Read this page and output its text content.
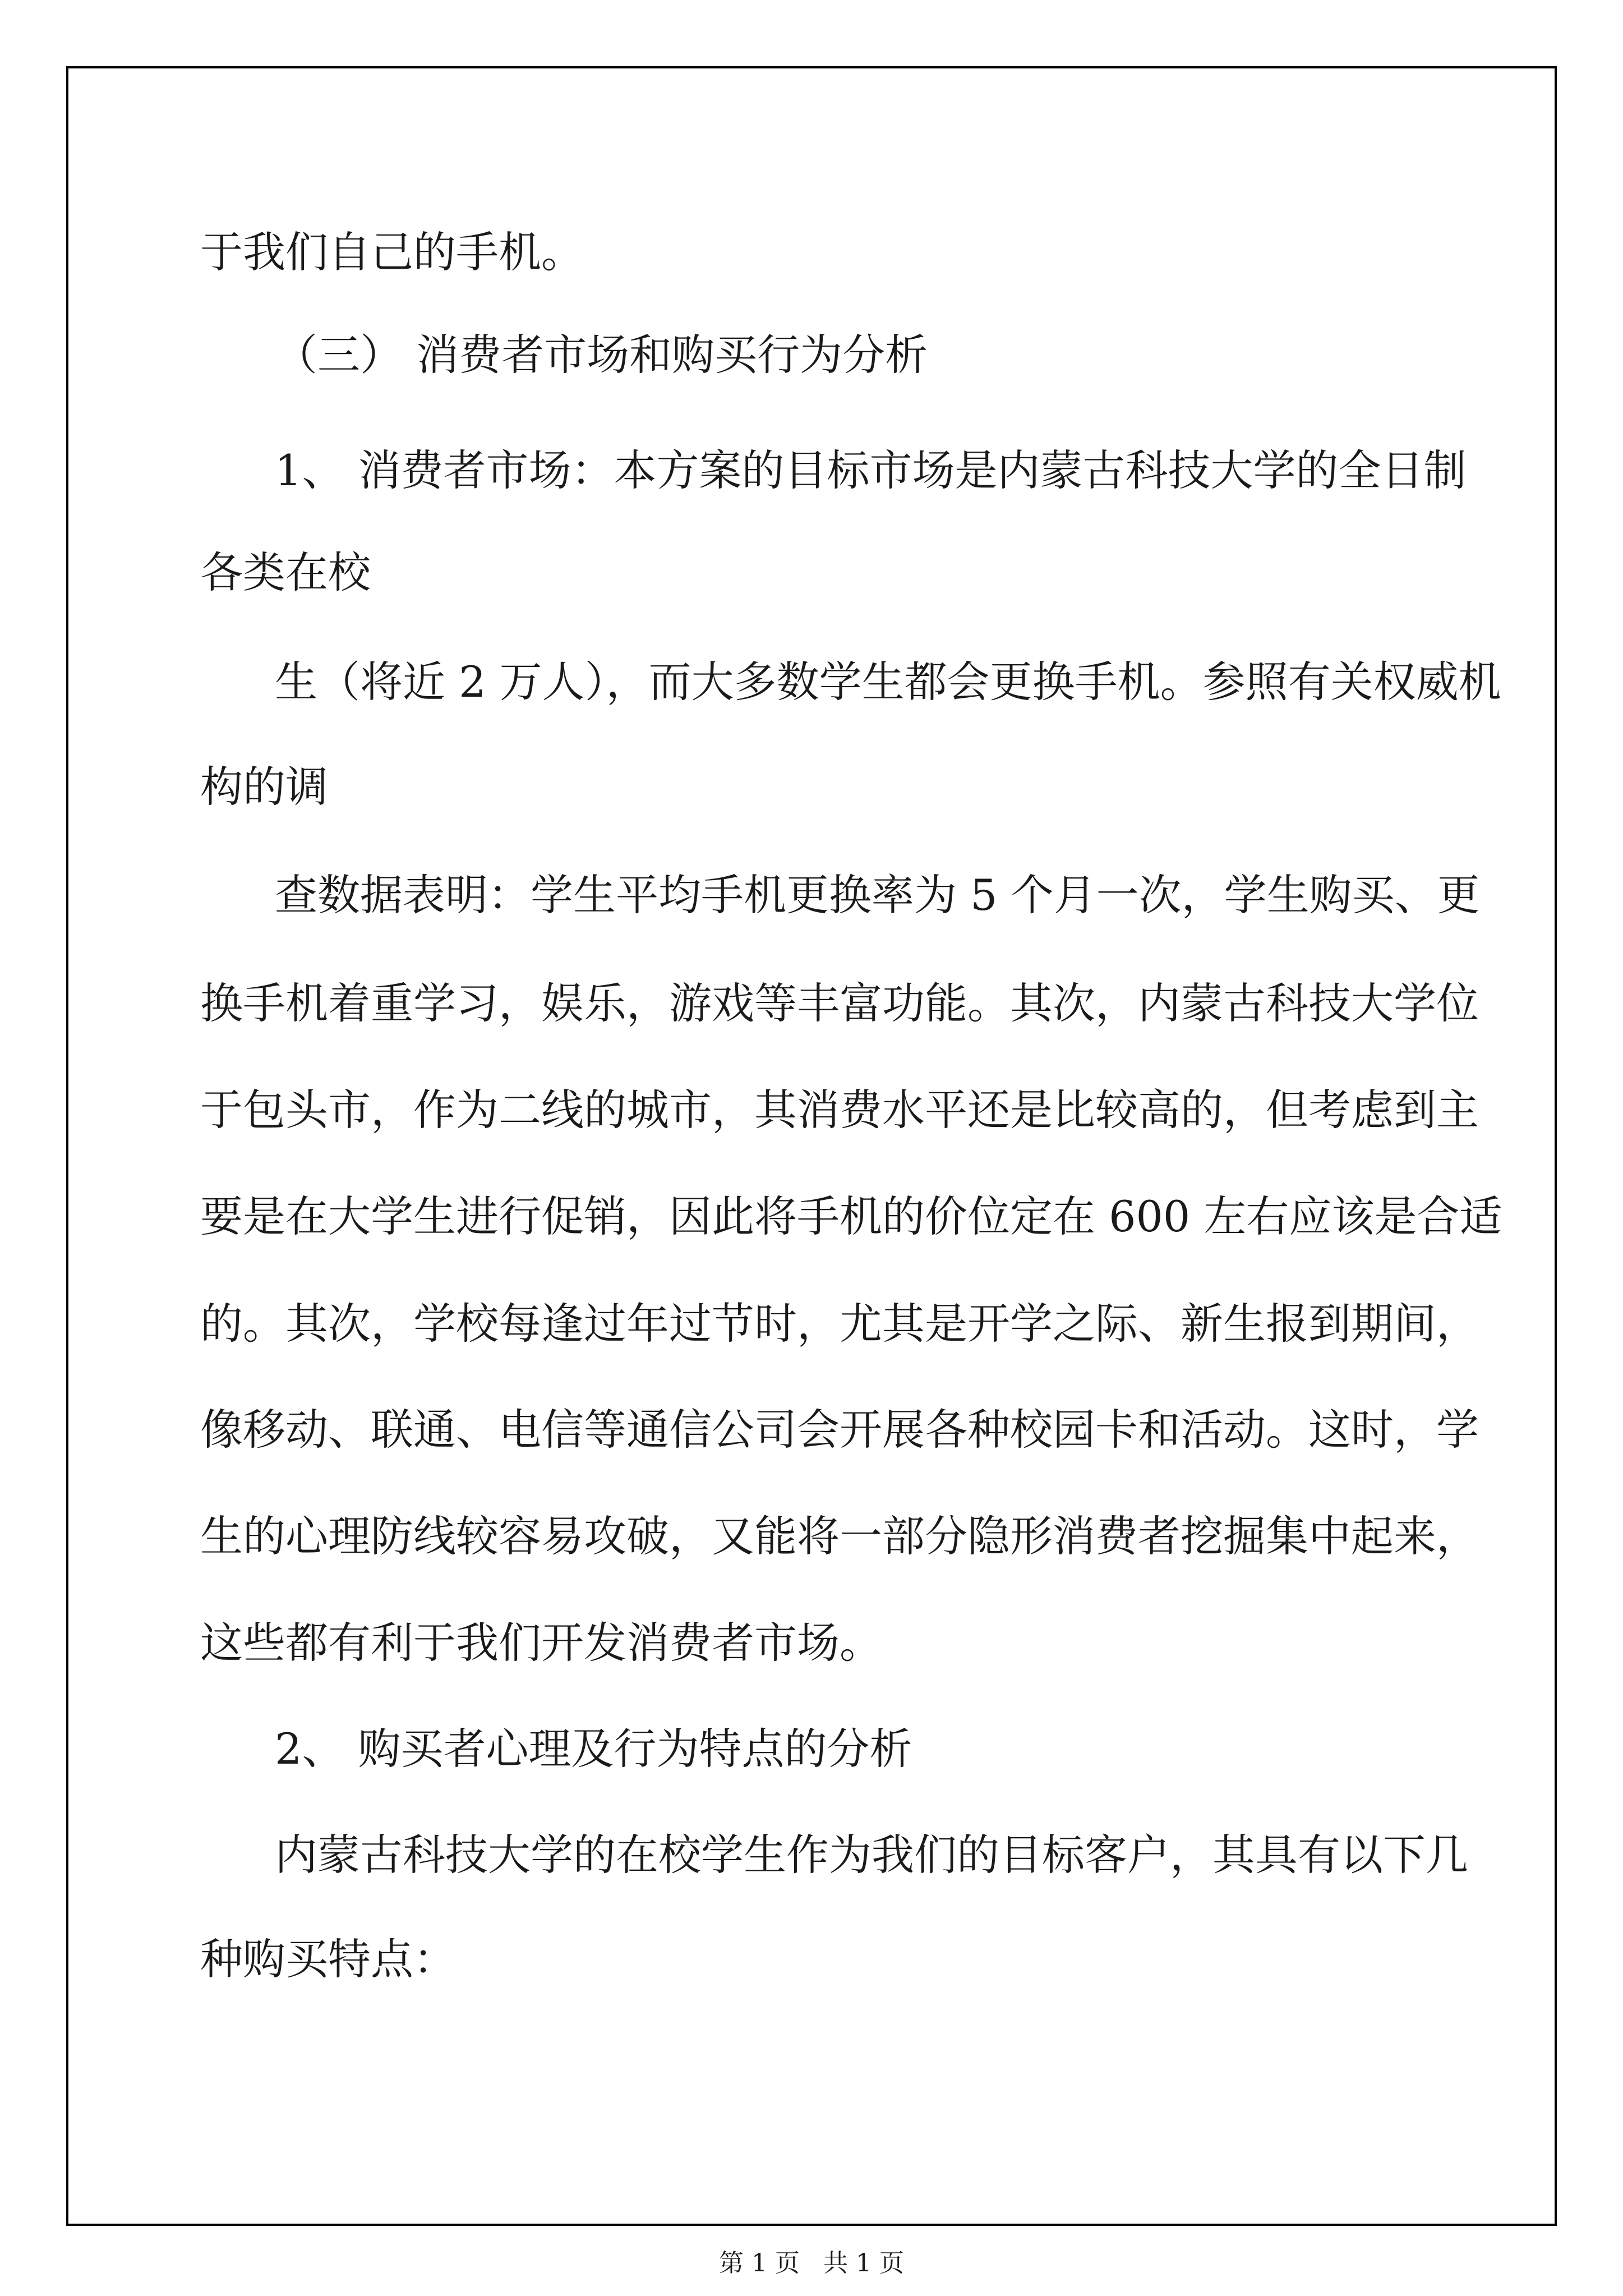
于我们自己的手机。
（三） 消费者市场和购买行为分析
1、 消费者市场：本方案的目标市场是内蒙古科技大学的全日制
各类在校
生（将近 2 万人），而大多数学生都会更换手机。参照有关权威机
构的调
查数据表明：学生平均手机更换率为 5 个月一次，学生购买、更
换手机着重学习，娱乐，游戏等丰富功能。其次，内蒙古科技大学位
于包头市，作为二线的城市，其消费水平还是比较高的，但考虑到主
要是在大学生进行促销，因此将手机的价位定在 600 左右应该是合适
的。其次，学校每逢过年过节时，尤其是开学之际、新生报到期间，
像移动、联通、电信等通信公司会开展各种校园卡和活动。这时，学
生的心理防线较容易攻破，又能将一部分隐形消费者挖掘集中起来，
这些都有利于我们开发消费者市场。
2、 购买者心理及行为特点的分析
内蒙古科技大学的在校学生作为我们的目标客户，其具有以下几
种购买特点：
第 1 页 共 1 页
